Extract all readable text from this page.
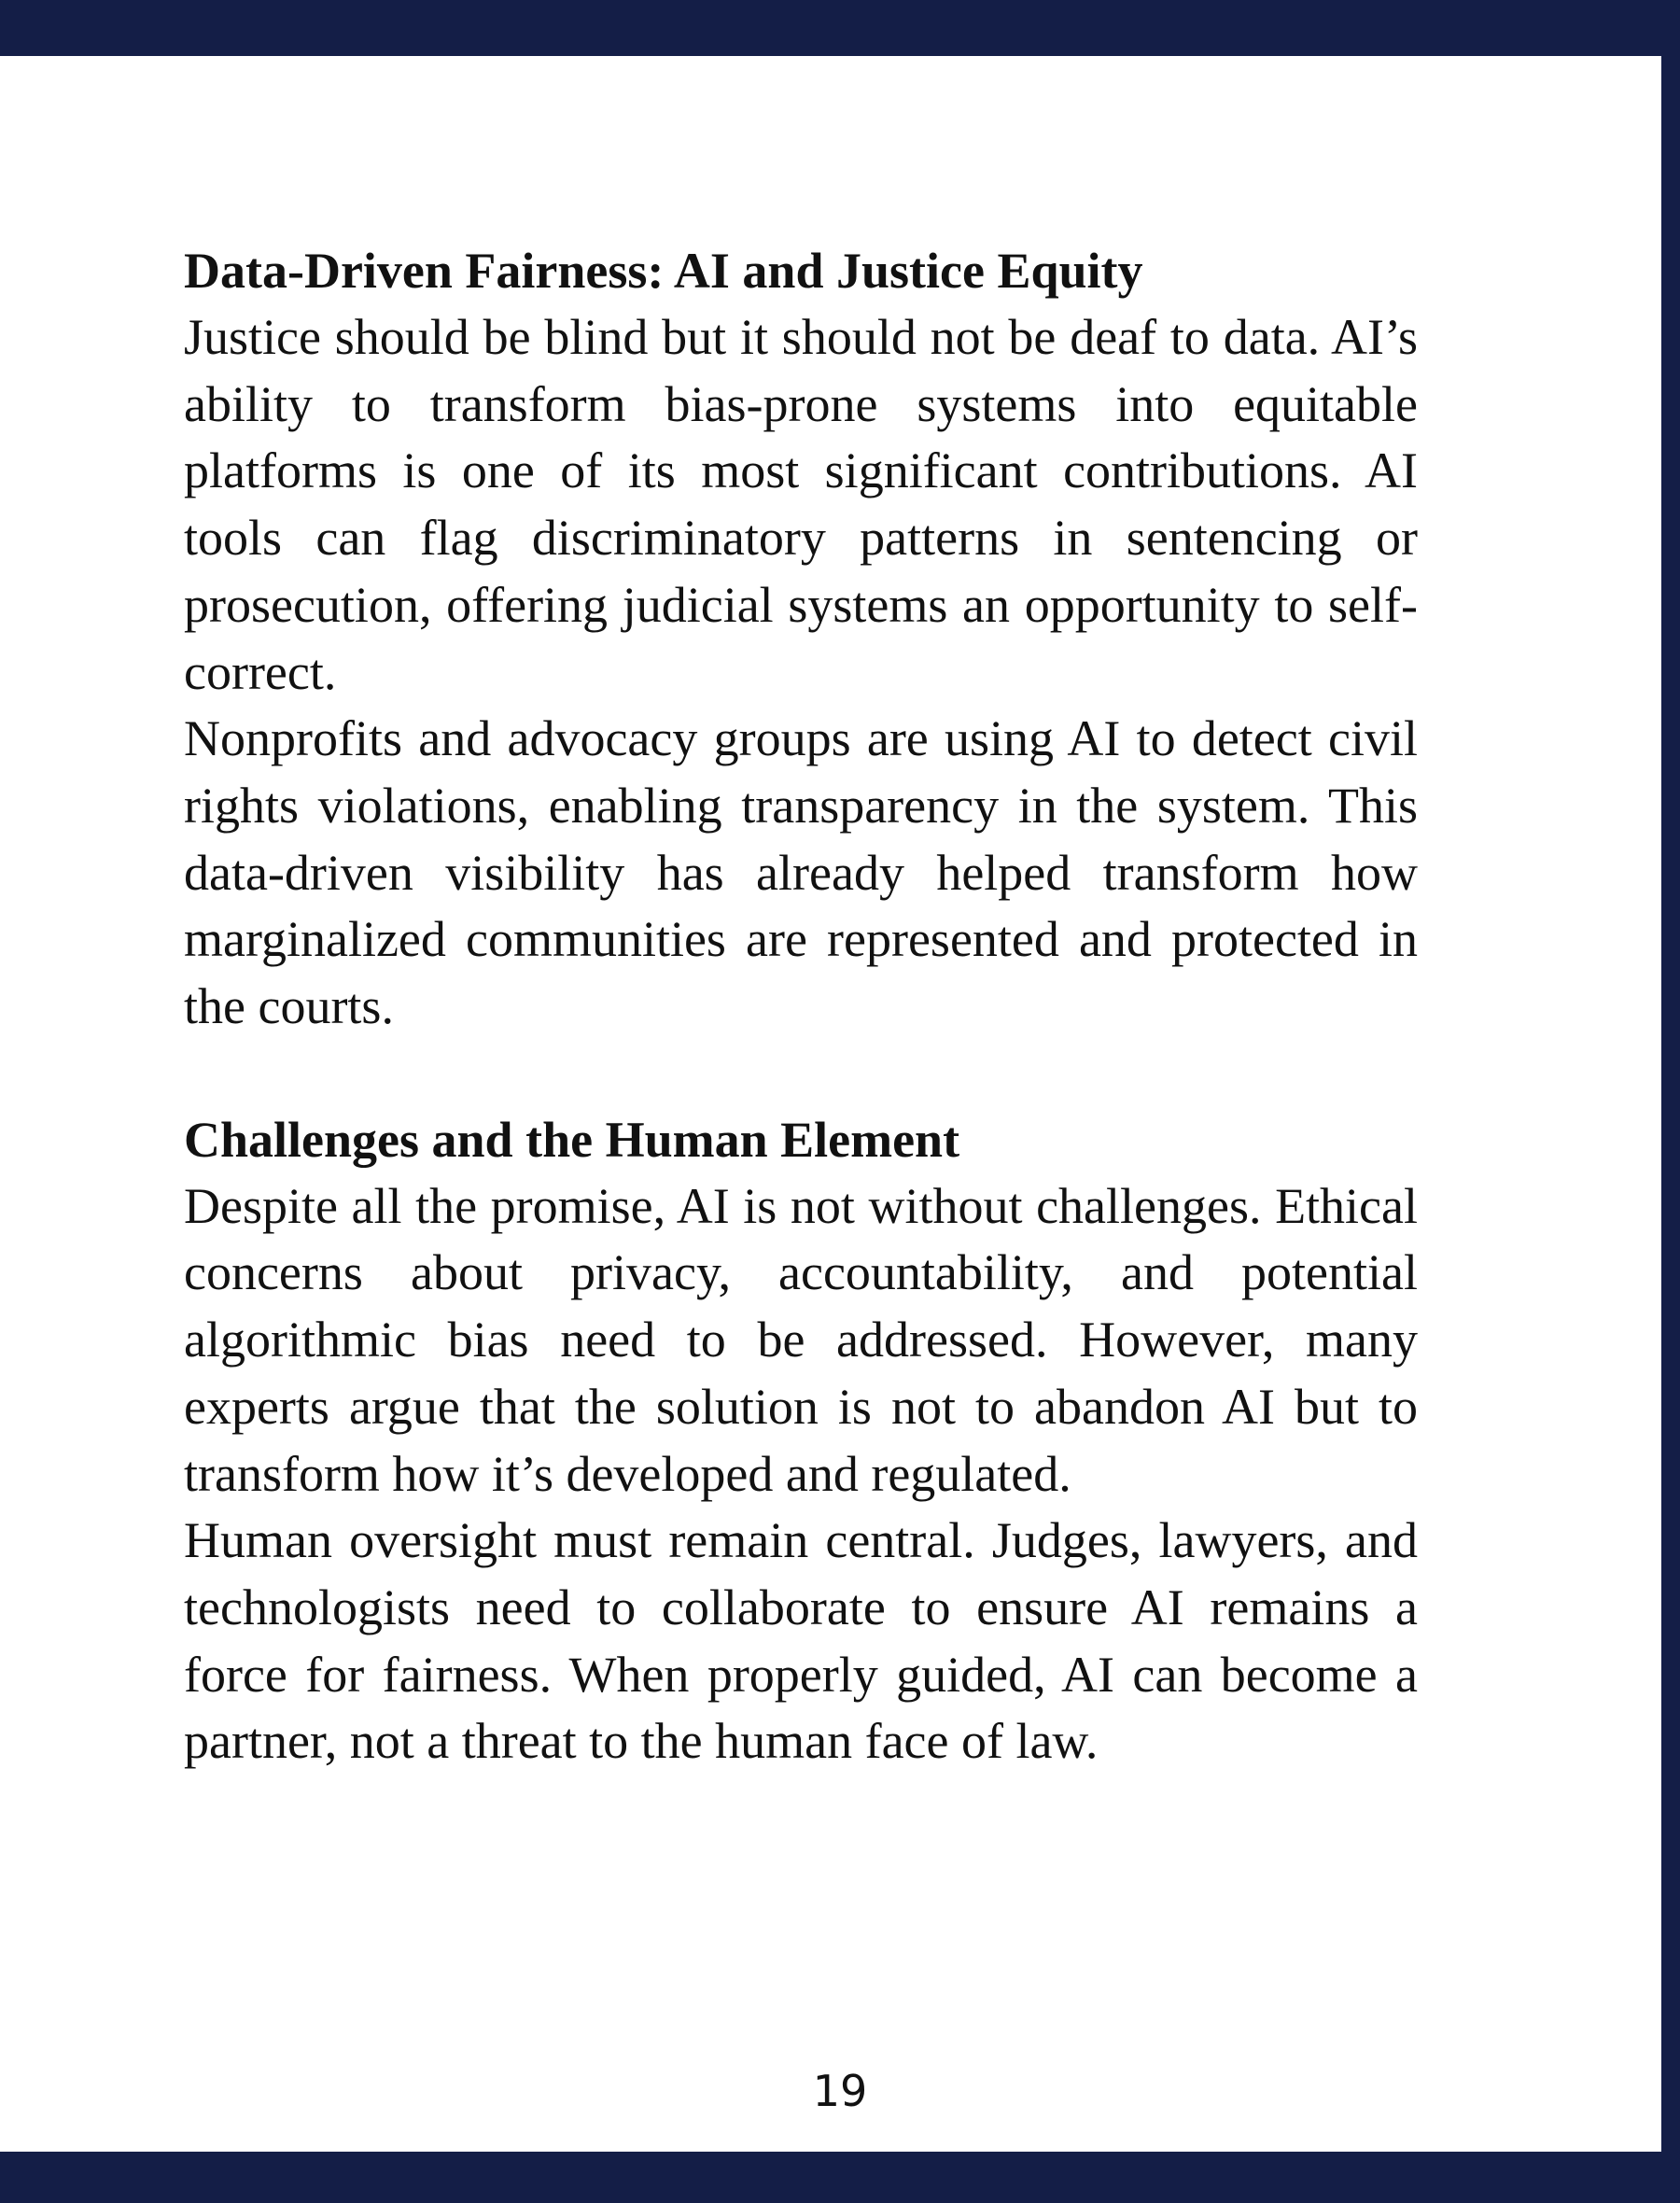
Data-Driven Fairness: AI and Justice Equity

Justice should be blind but it should not be deaf to data. AI’s ability to transform bias-prone systems into equitable platforms is one of its most significant contributions. AI tools can flag discriminatory patterns in sentencing or prosecution, offering judicial systems an opportunity to self-correct.

Nonprofits and advocacy groups are using AI to detect civil rights violations, enabling transparency in the system. This data-driven visibility has already helped transform how marginalized communities are represented and protected in the courts.

Challenges and the Human Element

Despite all the promise, AI is not without challenges. Ethical concerns about privacy, accountability, and potential algorithmic bias need to be addressed. However, many experts argue that the solution is not to abandon AI but to transform how it’s developed and regulated.

Human oversight must remain central. Judges, lawyers, and technologists need to collaborate to ensure AI remains a force for fairness. When properly guided, AI can become a partner, not a threat to the human face of law.

19
